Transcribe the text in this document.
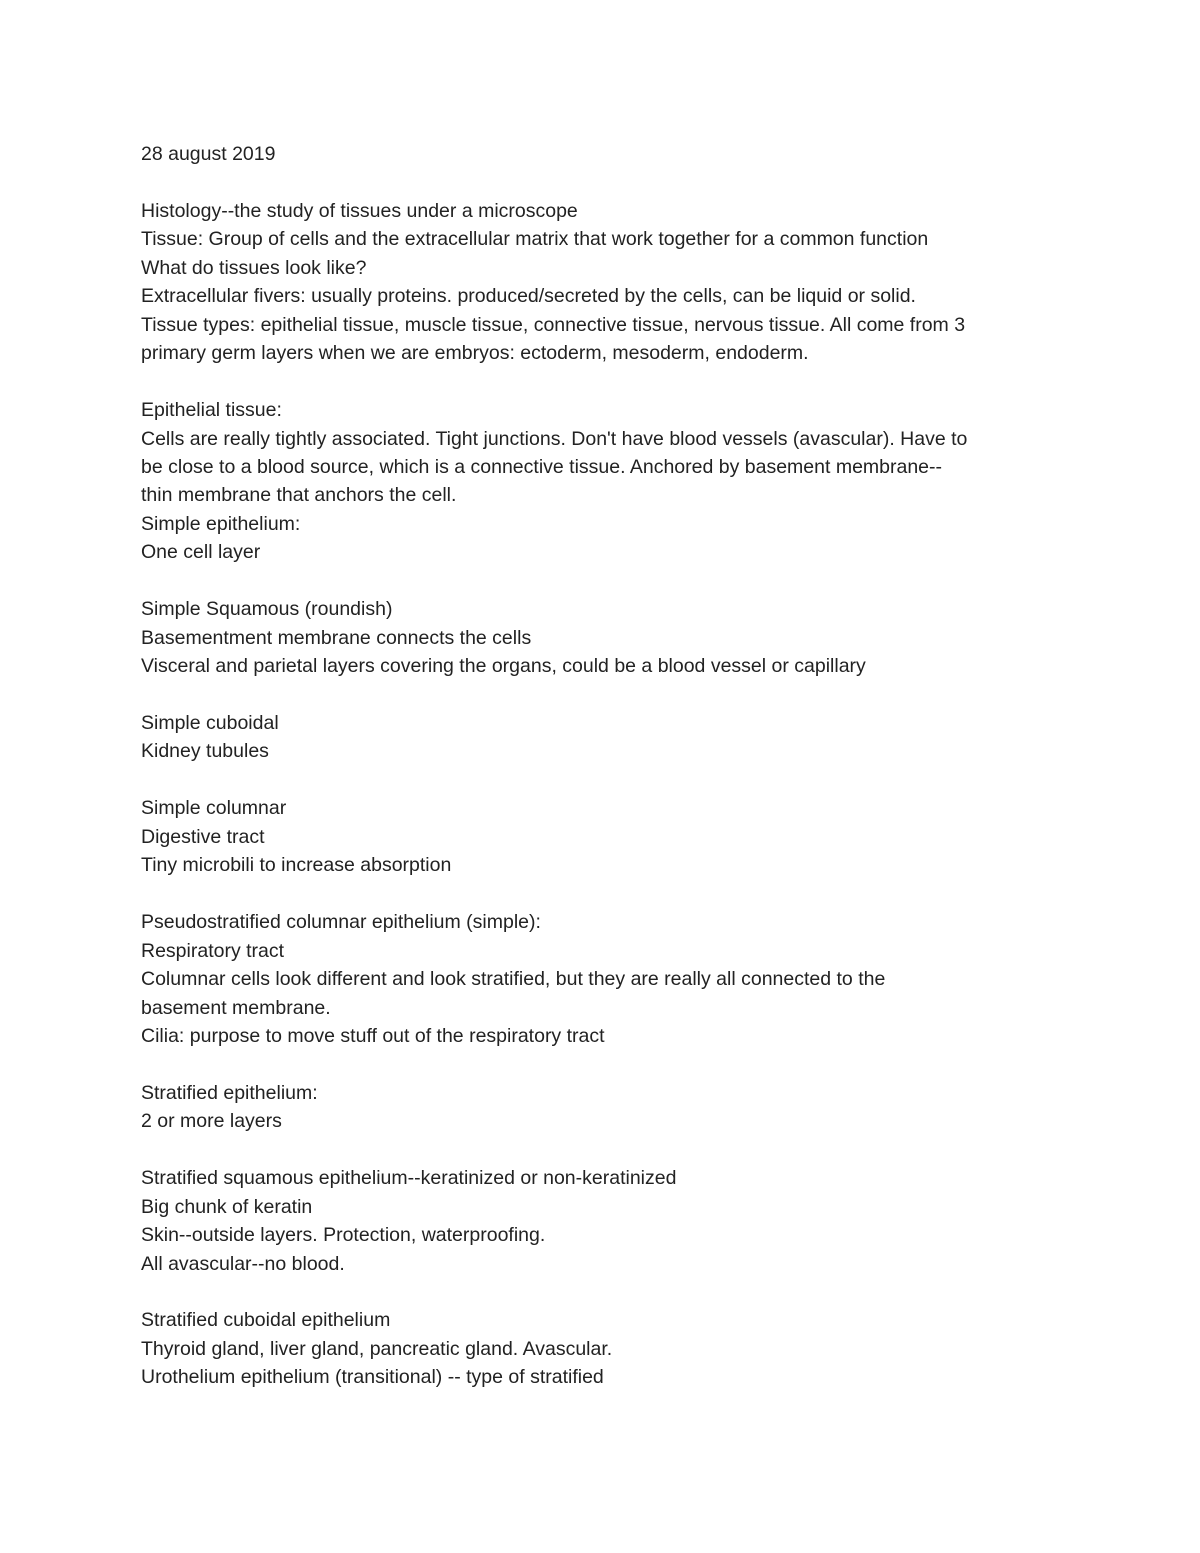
28 august 2019
Histology--the study of tissues under a microscope
Tissue: Group of cells and the extracellular matrix that work together for a common function
What do tissues look like?
Extracellular fivers: usually proteins. produced/secreted by the cells, can be liquid or solid.
Tissue types: epithelial tissue, muscle tissue, connective tissue, nervous tissue. All come from 3
primary germ layers when we are embryos: ectoderm, mesoderm, endoderm.
Epithelial tissue:
Cells are really tightly associated. Tight junctions. Don't have blood vessels (avascular). Have to
be close to a blood source, which is a connective tissue. Anchored by basement membrane--
thin membrane that anchors the cell.
Simple epithelium:
One cell layer
Simple Squamous (roundish)
Basementment membrane connects the cells
Visceral and parietal layers covering the organs, could be a blood vessel or capillary
Simple cuboidal
Kidney tubules
Simple columnar
Digestive tract
Tiny microbili to increase absorption
Pseudostratified columnar epithelium (simple):
Respiratory tract
Columnar cells look different and look stratified, but they are really all connected to the
basement membrane.
Cilia: purpose to move stuff out of the respiratory tract
Stratified epithelium:
2 or more layers
Stratified squamous epithelium--keratinized or non-keratinized
Big chunk of keratin
Skin--outside layers. Protection, waterproofing.
All avascular--no blood.
Stratified cuboidal epithelium
Thyroid gland, liver gland, pancreatic gland. Avascular.
Urothelium epithelium (transitional) -- type of stratified
